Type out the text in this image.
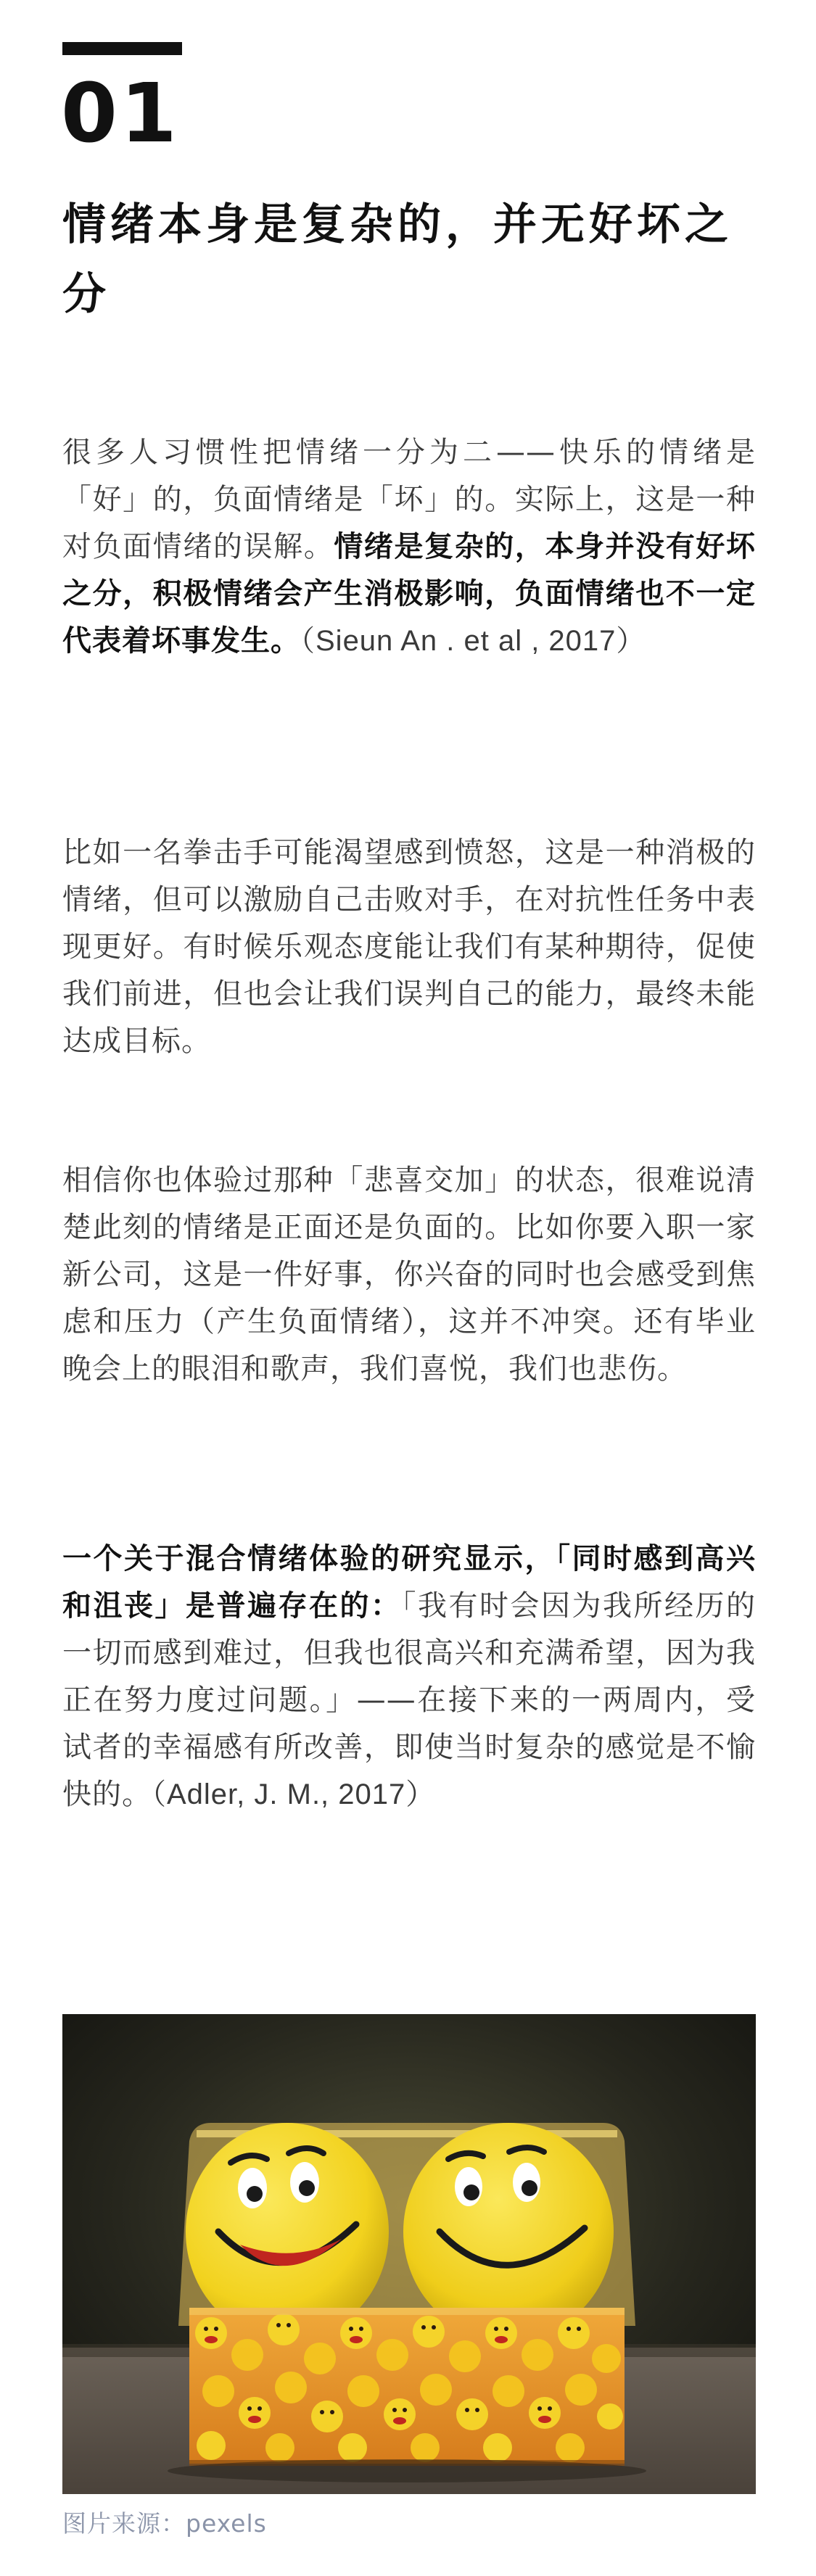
01
情绪本身是复杂的，并无好坏之分

很多人习惯性把情绪一分为二——快乐的情绪是「好」的，负面情绪是「坏」的。实际上，这是一种对负面情绪的误解。情绪是复杂的，本身并没有好坏之分，积极情绪会产生消极影响，负面情绪也不一定代表着坏事发生。（Sieun An . et al , 2017）

比如一名拳击手可能渴望感到愤怒，这是一种消极的情绪，但可以激励自己击败对手，在对抗性任务中表现更好。有时候乐观态度能让我们有某种期待，促使我们前进，但也会让我们误判自己的能力，最终未能达成目标。

相信你也体验过那种「悲喜交加」的状态，很难说清楚此刻的情绪是正面还是负面的。比如你要入职一家新公司，这是一件好事，你兴奋的同时也会感受到焦虑和压力（产生负面情绪），这并不冲突。还有毕业晚会上的眼泪和歌声，我们喜悦，我们也悲伤。

一个关于混合情绪体验的研究显示，「同时感到高兴和沮丧」是普遍存在的：「我有时会因为我所经历的一切而感到难过，但我也很高兴和充满希望，因为我正在努力度过问题。」——在接下来的一两周内，受试者的幸福感有所改善，即使当时复杂的感觉是不愉快的。（Adler, J. M., 2017）

图片来源：pexels
